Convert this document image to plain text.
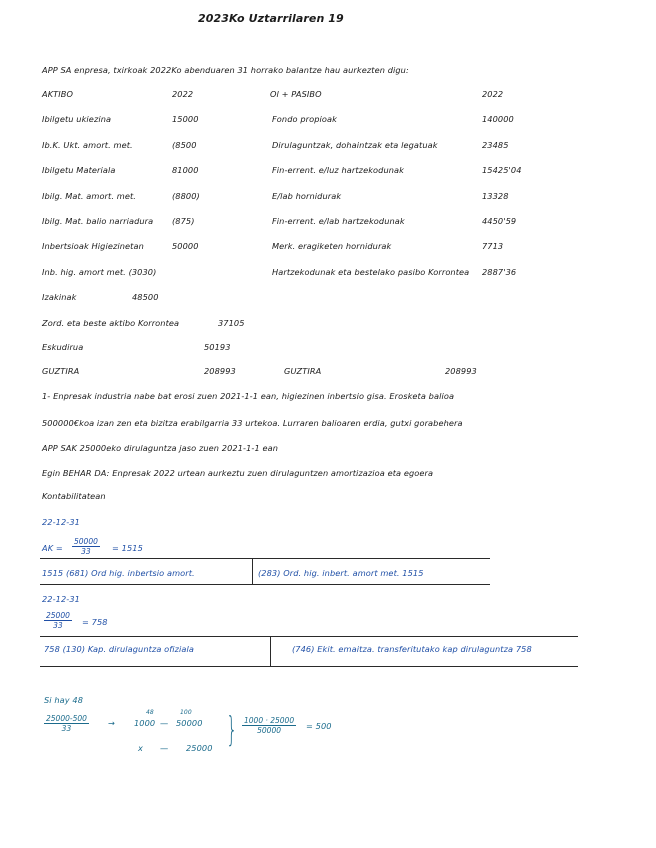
2023Ko Uztarrilaren 19
APP SA enpresa, txirkoak 2022Ko abenduaren 31 horrako balantze hau aurkezten digu:
AKTIBO	2022	Ol + PASIBO	2022
Ibilgetu ukiezina	15000	Fondo propioak	140000
Ib.K. Ukt. amort. met.	(8500	Dirulaguntzak, dohaintzak eta legatuak	23485
Ibilgetu Materiala	81000	Fin-errent. e/luz hartzekodunak	15425'04
Ibilg. Mat. amort. met.	(8800)	E/lab hornidurak	13328
Ibilg. Mat. balio narriadura (875)	Fin-errent. e/lab hartzekodunak	4450'59
Inbertsioak Higiezinetan	50000	Merk. eragiketen hornidurak	7713
Inb. hig. amort met. (3030)	Hartzekodunak eta bestelako pasibo Korrontea 2887'36
Izakinak	48500
Zord. eta beste aktibo Korrontea	37105
Eskudirua	50193
GUZTIRA	208993	GUZTIRA	208993
1- Enpresak industria nabe bat erosi zuen 2021-1-1 ean, higiezinen inbertsio gisa. Erosketa balioa
500000€koa izan zen eta bizitza erabilgarria 33 urtekoa. Lurraren balioaren erdia, gutxi gorabehera
APP SAK 25000eko dirulaguntza jaso zuen 2021-1-1 ean
Egin BEHAR DA: Enpresak 2022 urtean aurkeztu zuen dirulaguntzen amortizazioa eta egoera
Kontabilitatean
22-12-31
AK = $\frac{50000}{33} = 1515$
1515 (681) Ord hig. inbertsio amort.	(283) Ord. hig. inbert. amort met. 1515
22-12-31
$\frac{25000}{33} = 758$
758 (130) Kap. dirulaguntza ofiziala	(746) Ekit. emaitza. transferitutako kap dirulaguntza 758
Si hay 48
$\frac{25000-500}{33}$ →
48	100
1000 — 50000
x — 25000 } $\frac{1000 \cdot 25000}{50000} = 500$
